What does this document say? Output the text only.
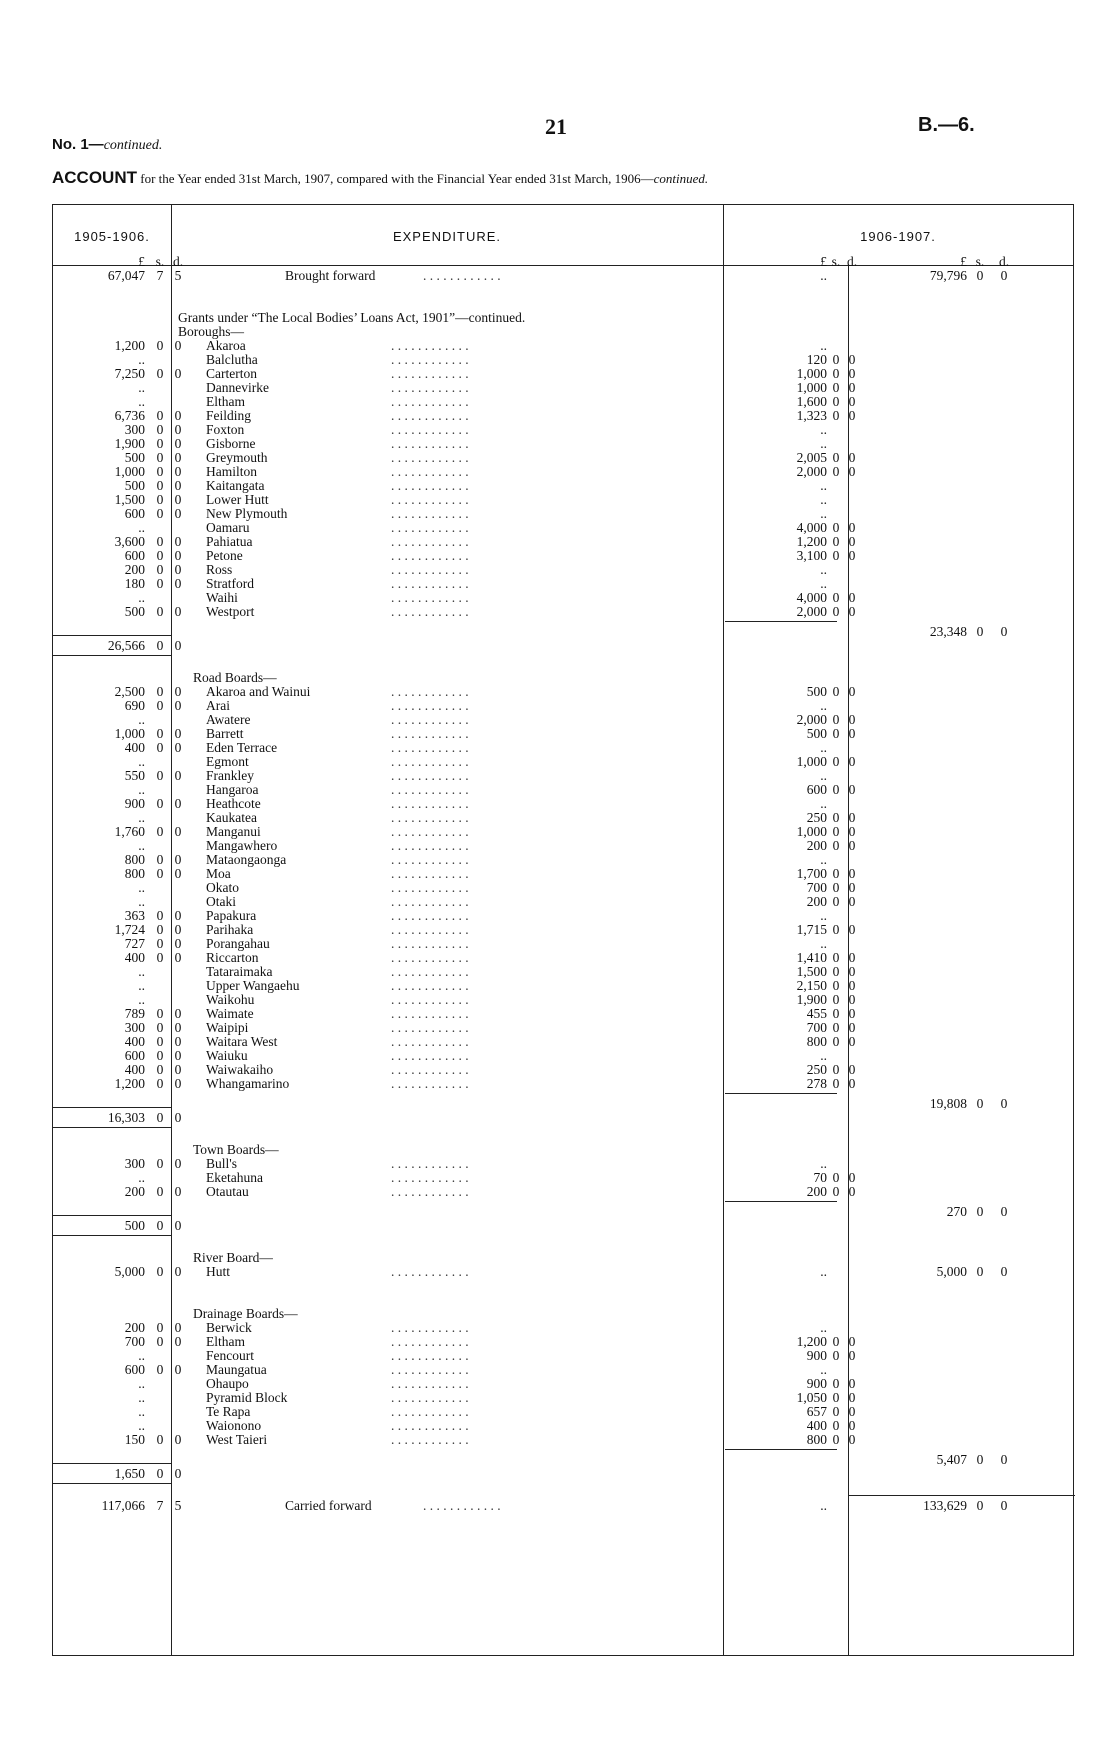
No. 1—continued.
21	B.—6.
ACCOUNT for the Year ended 31st March, 1907, compared with the Financial Year ended 31st March, 1906—continued.
1905-1906.	EXPENDITURE.	1906-1907.
£ s. d.	£ s. d.	£ s. d.
67,047 7 5	Brought forward	. . . . . . . . . . . .	..	79,796 0 0
Grants under “The Local Bodies’ Loans Act, 1901”—continued.
Boroughs—
1,200 0 0 Akaroa	. . . . . . . . . . . .	..
..	Balclutha	. . . . . . . . . . . .	120 0 0
7,250 0 0 Carterton	. . . . . . . . . . . .	1,000 0 0
..	Dannevirke	. . . . . . . . . . . .	1,000 0 0
..	Eltham	. . . . . . . . . . . .	1,600 0 0
6,736 0 0 Feilding	. . . . . . . . . . . .	1,323 0 0
300 0 0 Foxton	. . . . . . . . . . . .	..
1,900 0 0 Gisborne	. . . . . . . . . . . .	..
500 0 0 Greymouth	. . . . . . . . . . . .	2,005 0 0
1,000 0 0 Hamilton	. . . . . . . . . . . .	2,000 0 0
500 0 0 Kaitangata	. . . . . . . . . . . .	..
1,500 0 0 Lower Hutt	. . . . . . . . . . . .	..
600 0 0 New Plymouth	. . . . . . . . . . . .	..
..	Oamaru	. . . . . . . . . . . .	4,000 0 0
3,600 0 0 Pahiatua	. . . . . . . . . . . .	1,200 0 0
600 0 0 Petone	. . . . . . . . . . . .	3,100 0 0
200 0 0 Ross	. . . . . . . . . . . .	..
180 0 0 Stratford	. . . . . . . . . . . .	..
..	Waihi	. . . . . . . . . . . .	4,000 0 0
500 0 0 Westport	. . . . . . . . . . . .	2,000 0 0
23,348 0 0
26,566 0 0
Road Boards—
2,500 0 0 Akaroa and Wainui	. . . . . . . . . . . .	500 0 0
690 0 0 Arai	. . . . . . . . . . . .	..
..	Awatere	. . . . . . . . . . . .	2,000 0 0
1,000 0 0 Barrett	. . . . . . . . . . . .	500 0 0
400 0 0 Eden Terrace	. . . . . . . . . . . .	..
..	Egmont	. . . . . . . . . . . .	1,000 0 0
550 0 0 Frankley	. . . . . . . . . . . .	..
..	Hangaroa	. . . . . . . . . . . .	600 0 0
900 0 0 Heathcote	. . . . . . . . . . . .	..
..	Kaukatea	. . . . . . . . . . . .	250 0 0
1,760 0 0 Manganui	. . . . . . . . . . . .	1,000 0 0
..	Mangawhero	. . . . . . . . . . . .	200 0 0
800 0 0 Mataongaonga	. . . . . . . . . . . .	..
800 0 0 Moa	. . . . . . . . . . . .	1,700 0 0
..	Okato	. . . . . . . . . . . .	700 0 0
..	Otaki	. . . . . . . . . . . .	200 0 0
363 0 0 Papakura	. . . . . . . . . . . .	..
1,724 0 0 Parihaka	. . . . . . . . . . . .	1,715 0 0
727 0 0 Porangahau	. . . . . . . . . . . .	..
400 0 0 Riccarton	. . . . . . . . . . . .	1,410 0 0
..	Tataraimaka	. . . . . . . . . . . .	1,500 0 0
..	Upper Wangaehu	. . . . . . . . . . . .	2,150 0 0
..	Waikohu	. . . . . . . . . . . .	1,900 0 0
789 0 0 Waimate	. . . . . . . . . . . .	455 0 0
300 0 0 Waipipi	. . . . . . . . . . . .	700 0 0
400 0 0 Waitara West	. . . . . . . . . . . .	800 0 0
600 0 0 Waiuku	. . . . . . . . . . . .	..
400 0 0 Waiwakaiho	. . . . . . . . . . . .	250 0 0
1,200 0 0 Whangamarino	. . . . . . . . . . . .	278 0 0
19,808 0 0
16,303 0 0
Town Boards—
300 0 0 Bull's	. . . . . . . . . . . .	..
..	Eketahuna	. . . . . . . . . . . .	70 0 0
200 0 0 Otautau	. . . . . . . . . . . .	200 0 0
270 0 0
500 0 0
River Board—
5,000 0 0 Hutt	. . . . . . . . . . . .	..	5,000 0 0
Drainage Boards—
200 0 0 Berwick	. . . . . . . . . . . .	..
700 0 0 Eltham	. . . . . . . . . . . .	1,200 0 0
..	Fencourt	. . . . . . . . . . . .	900 0 0
600 0 0 Maungatua	. . . . . . . . . . . .	..
..	Ohaupo	. . . . . . . . . . . .	900 0 0
..	Pyramid Block	. . . . . . . . . . . .	1,050 0 0
..	Te Rapa	. . . . . . . . . . . .	657 0 0
..	Waionono	. . . . . . . . . . . .	400 0 0
150 0 0 West Taieri	. . . . . . . . . . . .	800 0 0
5,407 0 0
1,650 0 0
117,066 7 5	Carried forward	. . . . . . . . . . . .	..	133,629 0 0
